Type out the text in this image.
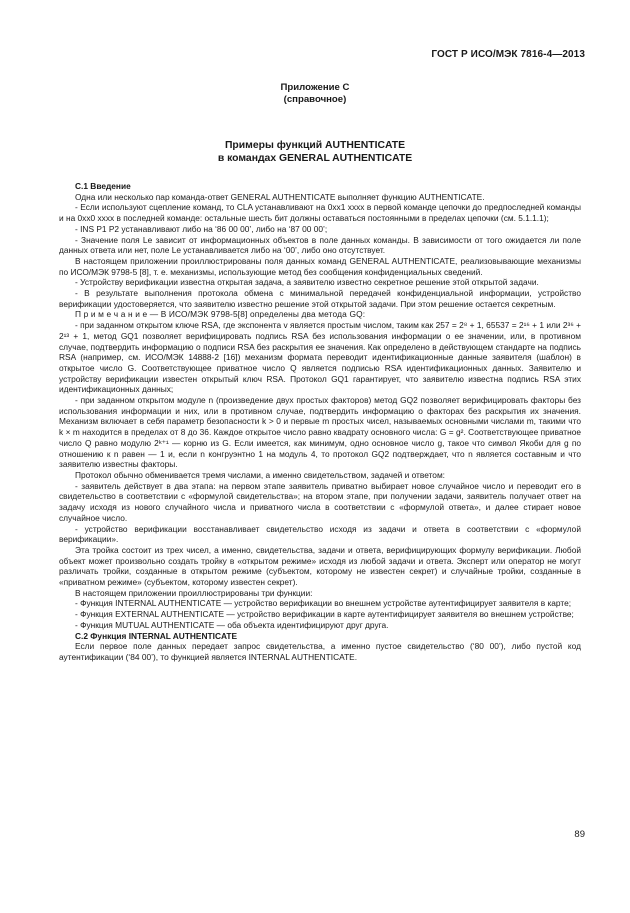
ГОСТ Р ИСО/МЭК 7816-4—2013
Приложение С
(справочное)
Примеры функций AUTHENTICATE
в командах GENERAL AUTHENTICATE

С.1 Введение

Одна или несколько пар команда-ответ GENERAL AUTHENTICATE выполняет функцию AUTHENTICATE.

- Если используют сцепление команд, то CLA устанавливают на 0xx1 xxxx в первой команде цепочки до предпоследней команды и на 0xx0 xxxx в последней команде: остальные шесть бит должны оставаться постоянными в пределах цепочки (см. 5.1.1.1);

- INS P1 P2 устанавливают либо на ‘86 00 00’, либо на ‘87 00 00’;

- Значение поля Le зависит от информационных объектов в поле данных команды. В зависимости от того ожидается ли поле данных ответа или нет, поле Le устанавливается либо на ‘00’, либо оно отсутствует.

В настоящем приложении проиллюстрированы поля данных команд GENERAL AUTHENTICATE, реализовывающие механизмы по ИСО/МЭК 9798-5 [8], т. е. механизмы, использующие метод без сообщения конфиденциальных сведений.

- Устройству верификации известна открытая задача, а заявителю известно секретное решение этой открытой задачи.

- В результате выполнения протокола обмена с минимальной передачей конфиденциальной информации, устройство верификации удостоверяется, что заявителю известно решение этой открытой задачи. При этом решение остается секретным.

П р и м е ч а н и е — В ИСО/МЭК 9798-5[8] определены два метода GQ:

- при заданном открытом ключе RSA, где экспонента v является простым числом, таким как 257 = 2⁸ + 1, 65537 = 2¹⁶ + 1 или 2³⁶ + 2¹³ + 1, метод GQ1 позволяет верифицировать подпись RSA без использования информации о ее значении, или, в противном случае, подтвердить информацию о подписи RSA без раскрытия ее значения. Как определено в действующем стандарте на подпись RSA (например, см. ИСО/МЭК 14888-2 [16]) механизм формата переводит идентификационные данные заявителя (шаблон) в открытое число G. Соответствующее приватное число Q является подписью RSA идентификационных данных. Заявителю и устройству верификации известен открытый ключ RSA. Протокол GQ1 гарантирует, что заявителю известна подпись RSA этих идентификационных данных;

- при заданном открытом модуле n (произведение двух простых факторов) метод GQ2 позволяет верифицировать факторы без использования информации и них, или в противном случае, подтвердить информацию о факторах без раскрытия их значения. Механизм включает в себя параметр безопасности k > 0 и первые m простых чисел, называемых основными числами m, такими что k × m находится в пределах от 8 до 36. Каждое открытое число равно квадрату основного числа: G = g². Соответствующее приватное число Q равно модулю 2ᵏ⁺¹ — корню из G. Если имеется, как минимум, одно основное число g, такое что символ Якоби для g по отношению к n равен — 1 и, если n конгруэнтно 1 на модуль 4, то протокол GQ2 подтверждает, что n является составным и что заявителю известны факторы.

Протокол обычно обменивается тремя числами, а именно свидетельством, задачей и ответом:

- заявитель действует в два этапа: на первом этапе заявитель приватно выбирает новое случайное число и переводит его в свидетельство в соответствии с «формулой свидетельства»; на втором этапе, при получении задачи, заявитель получает ответ на задачу исходя из нового случайного числа и приватного числа в соответствии с «формулой ответа», и далее стирает новое случайное число.

- устройство верификации восстанавливает свидетельство исходя из задачи и ответа в соответствии с «формулой верификации».

Эта тройка состоит из трех чисел, а именно, свидетельства, задачи и ответа, верифицирующих формулу верификации. Любой объект может произвольно создать тройку в «открытом режиме» исходя из любой задачи и ответа. Эксперт или оператор не могут различать тройки, созданные в открытом режиме (субъектом, которому не известен секрет) и случайные тройки, созданные в «приватном режиме» (субъектом, которому известен секрет).

В настоящем приложении проиллюстрированы три функции:

- Функция INTERNAL AUTHENTICATE — устройство верификации во внешнем устройстве аутентифицирует заявителя в карте;

- Функция EXTERNAL AUTHENTICATE — устройство верификации в карте аутентифицирует заявителя во внешнем устройстве;

- Функция MUTUAL AUTHENTICATE — оба объекта идентифицируют друг друга.

С.2 Функция INTERNAL AUTHENTICATE

Если первое поле данных передает запрос свидетельства, а именно пустое свидетельство (‘80 00’), либо пустой код аутентификации (‘84 00’), то функцией является INTERNAL AUTHENTICATE.

89
